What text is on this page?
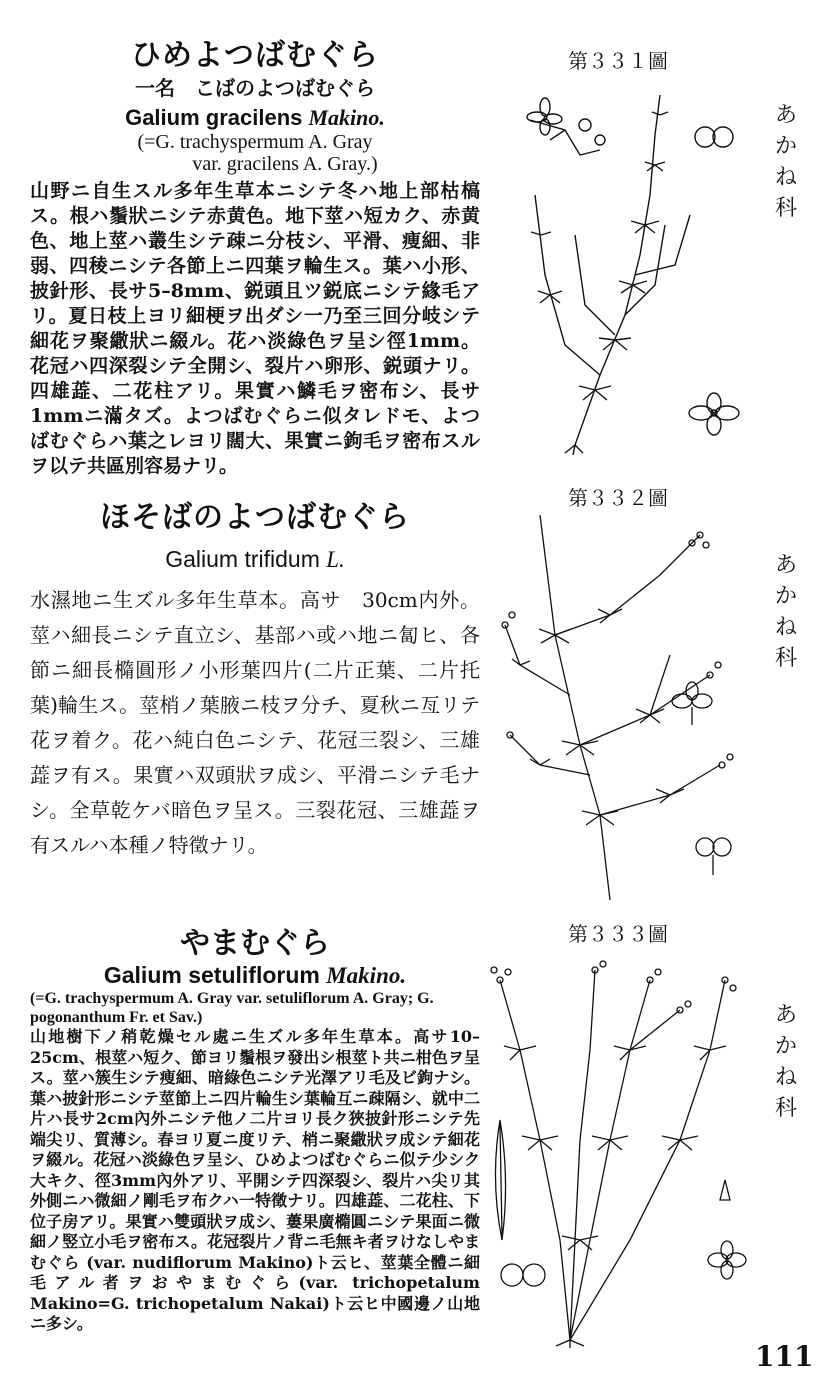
ひめよつばむぐら
一名　こばのよつばむぐら
Galium gracilens Makino.
(=G. trachyspermum A. Gray
var. gracilens A. Gray.)
山野ニ自生スル多年生草本ニシテ冬ハ地上部枯槁ス。根ハ鬚狀ニシテ赤黄色。地下莖ハ短カク、赤黄色、地上莖ハ叢生シテ疎ニ分枝シ、平滑、痩細、非弱、四稜ニシテ各節上ニ四葉ヲ輪生ス。葉ハ小形、披針形、長サ5–8mm、鋭頭且ツ鋭底ニシテ緣毛アリ。夏日枝上ヨリ細梗ヲ出ダシ一乃至三回分岐シテ細花ヲ聚繖狀ニ綴ル。花ハ淡綠色ヲ呈シ徑1mm。花冠ハ四深裂シテ全開シ、裂片ハ卵形、鋭頭ナリ。四雄蕋、二花柱アリ。果實ハ鱗毛ヲ密布シ、長サ1mmニ滿タズ。よつばむぐらニ似タレドモ、よつばむぐらハ葉之レヨリ闊大、果實ニ鉤毛ヲ密布スルヲ以テ共區別容易ナリ。
ほそばのよつばむぐら
Galium trifidum L.
水濕地ニ生ズル多年生草本。高サ　30cm内外。莖ハ細長ニシテ直立シ、基部ハ或ハ地ニ匐ヒ、各節ニ細長橢圓形ノ小形葉四片(二片正葉、二片托葉)輪生ス。莖梢ノ葉腋ニ枝ヲ分チ、夏秋ニ亙リテ花ヲ着ク。花ハ純白色ニシテ、花冠三裂シ、三雄蕋ヲ有ス。果實ハ双頭狀ヲ成シ、平滑ニシテ毛ナシ。全草乾ケバ暗色ヲ呈ス。三裂花冠、三雄蕋ヲ有スルハ本種ノ特徵ナリ。
やまむぐら
Galium setuliflorum Makino.
(=G. trachyspermum A. Gray var. setuliflorum A. Gray; G. pogonanthum Fr. et Sav.)
山地樹下ノ稍乾燥セル處ニ生ズル多年生草本。高サ10–25cm、根莖ハ短ク、節ヨリ鬚根ヲ發出シ根莖ト共ニ柑色ヲ呈ス。莖ハ簇生シテ痩細、暗綠色ニシテ光澤アリ毛及ビ鉤ナシ。葉ハ披針形ニシテ莖節上ニ四片輪生シ葉輪互ニ疎隔シ、就中二片ハ長サ2cm內外ニシテ他ノ二片ヨリ長ク狹披針形ニシテ先端尖リ、質薄シ。春ヨリ夏ニ度リテ、梢ニ聚繖狀ヲ成シテ細花ヲ綴ル。花冠ハ淡綠色ヲ呈シ、ひめよつばむぐらニ似テ少シク大キク、徑3mm內外アリ、平開シテ四深裂シ、裂片ハ尖リ其外側ニハ微細ノ剛毛ヲ布クハ一特徵ナリ。四雄蕋、二花柱、下位子房アリ。果實ハ雙頭狀ヲ成シ、蔞果廣橢圓ニシテ果面ニ微細ノ竪立小毛ヲ密布ス。花冠裂片ノ背ニ毛無キ者ヲけなしやまむぐら (var. nudiflorum Makino)ト云ヒ、莖葉全體ニ細毛アル者ヲおやまむぐら(var. trichopetalum Makino=G. trichopetalum Nakai)ト云ヒ中國邊ノ山地ニ多シ。
第３３１圖
第３３２圖
第３３３圖
あ
か
ね
科
あ
か
ね
科
あ
か
ね
科
111
